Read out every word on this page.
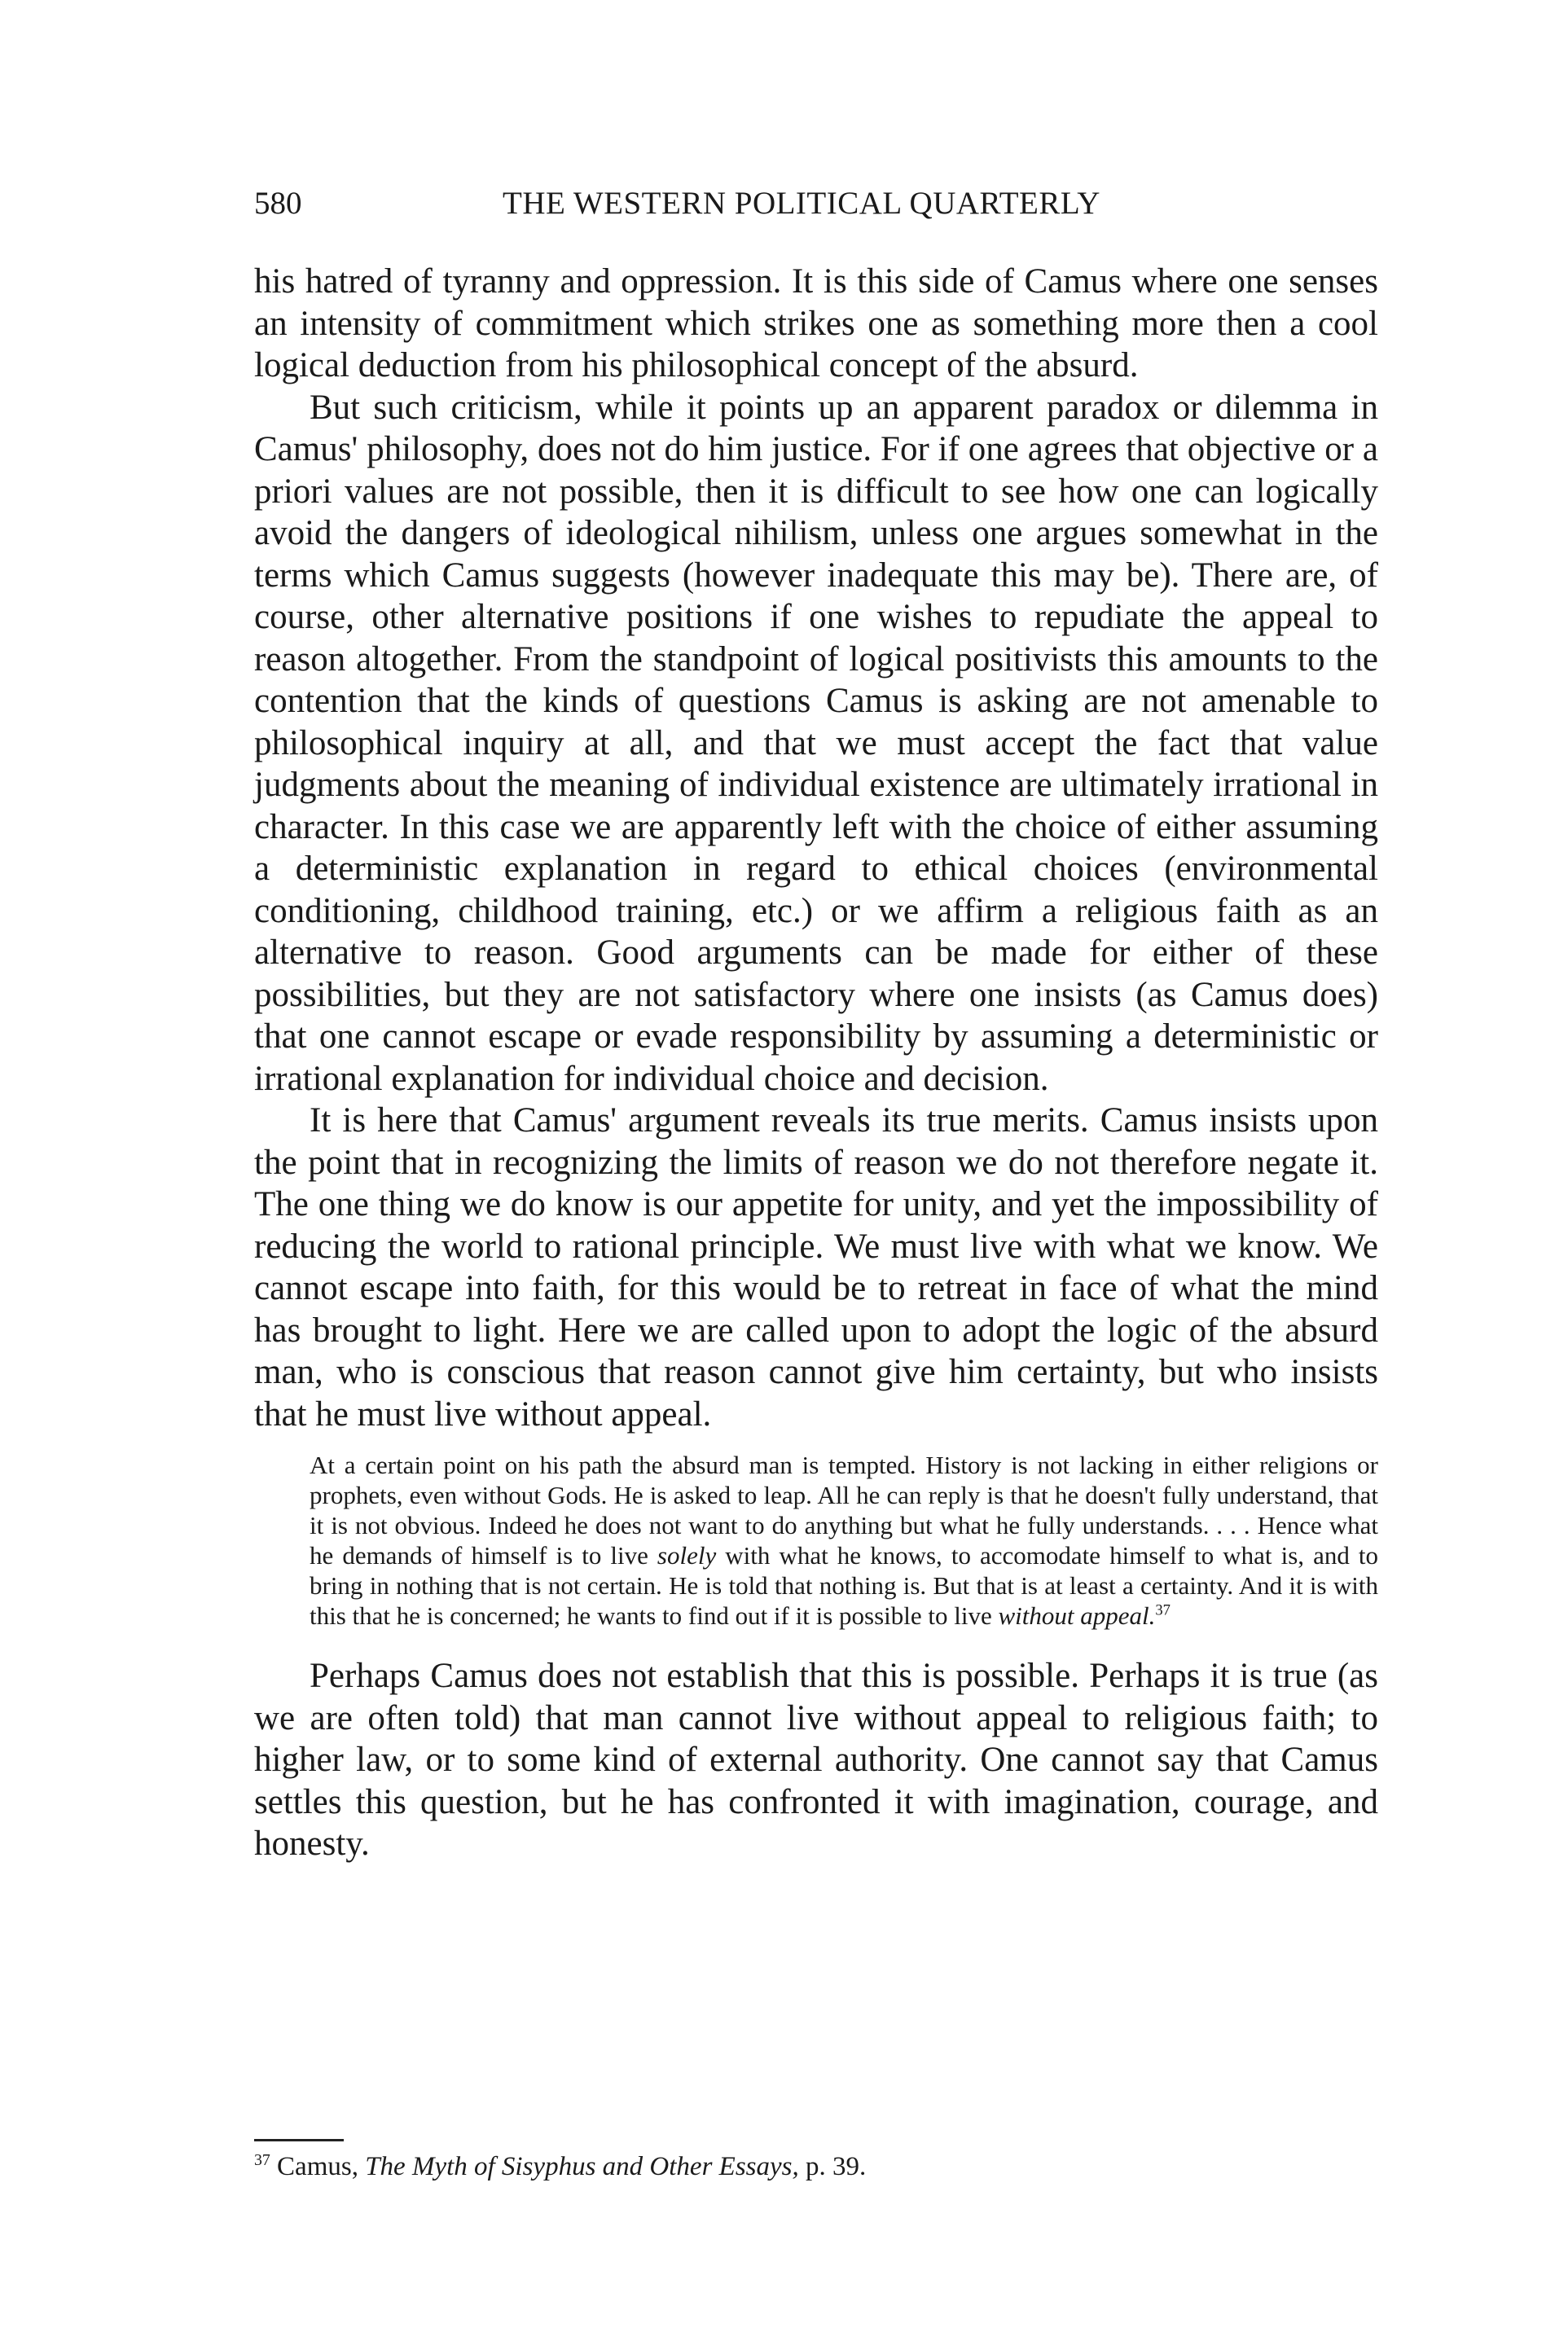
580	THE WESTERN POLITICAL QUARTERLY

his hatred of tyranny and oppression. It is this side of Camus where one senses an intensity of commitment which strikes one as something more then a cool logical deduction from his philosophical concept of the absurd.

But such criticism, while it points up an apparent paradox or dilemma in Camus' philosophy, does not do him justice. For if one agrees that objective or a priori values are not possible, then it is difficult to see how one can logically avoid the dangers of ideological nihilism, unless one argues somewhat in the terms which Camus suggests (however inadequate this may be). There are, of course, other alternative positions if one wishes to repudiate the appeal to reason altogether. From the standpoint of logical positivists this amounts to the contention that the kinds of questions Camus is asking are not amenable to philosophical inquiry at all, and that we must accept the fact that value judgments about the meaning of individual existence are ultimately irrational in character. In this case we are apparently left with the choice of either assuming a deterministic explanation in regard to ethical choices (environmental conditioning, childhood training, etc.) or we affirm a religious faith as an alternative to reason. Good arguments can be made for either of these possibilities, but they are not satisfactory where one insists (as Camus does) that one cannot escape or evade responsibility by assuming a deterministic or irrational explanation for individual choice and decision.

It is here that Camus' argument reveals its true merits. Camus insists upon the point that in recognizing the limits of reason we do not therefore negate it. The one thing we do know is our appetite for unity, and yet the impossibility of reducing the world to rational principle. We must live with what we know. We cannot escape into faith, for this would be to retreat in face of what the mind has brought to light. Here we are called upon to adopt the logic of the absurd man, who is conscious that reason cannot give him certainty, but who insists that he must live without appeal.

At a certain point on his path the absurd man is tempted. History is not lacking in either religions or prophets, even without Gods. He is asked to leap. All he can reply is that he doesn't fully understand, that it is not obvious. Indeed he does not want to do anything but what he fully understands. . . . Hence what he demands of himself is to live solely with what he knows, to accomodate himself to what is, and to bring in nothing that is not certain. He is told that nothing is. But that is at least a certainty. And it is with this that he is concerned; he wants to find out if it is possible to live without appeal.$^{37}$

Perhaps Camus does not establish that this is possible. Perhaps it is true (as we are often told) that man cannot live without appeal to religious faith; to higher law, or to some kind of external authority. One cannot say that Camus settles this question, but he has confronted it with imagination, courage, and honesty.

$^{37}$ Camus, The Myth of Sisyphus and Other Essays, p. 39.
